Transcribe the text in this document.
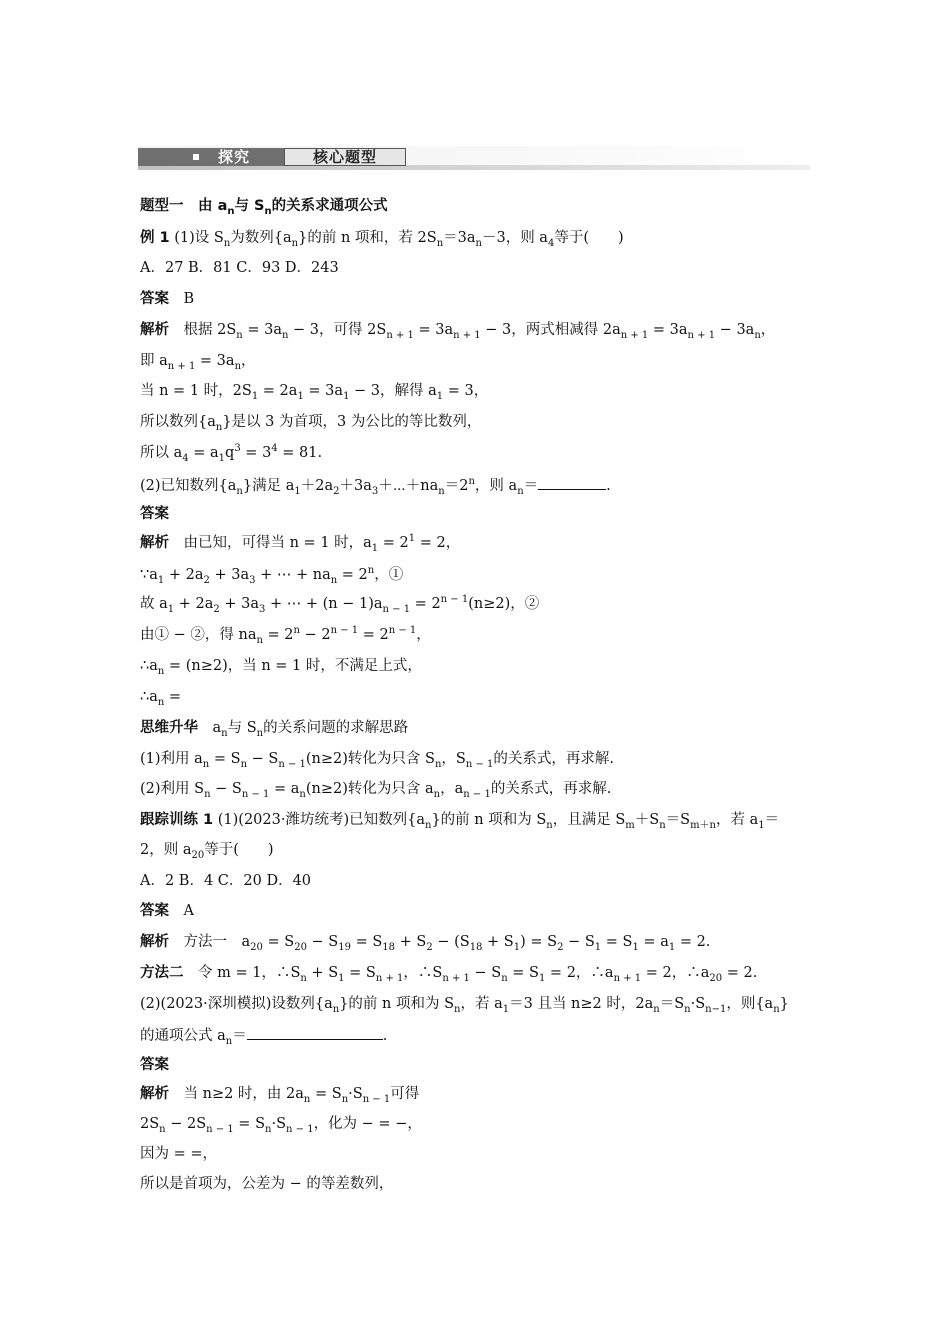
探究	核心题型
题型一　由 $a_n$与 $S_n$的关系求通项公式
例 1 (1)设 $S_n$为数列$\{a_n\}$的前 n 项和，若 $2S_n=3a_n-3$，则 $a_4$等于(　　)
A．27 B．81 C．93 D．243
答案　B
解析　根据 $2S_n = 3a_n - 3$，可得 $2S_{n + 1} = 3a_{n + 1} - 3$，两式相减得 $2a_{n + 1} = 3a_{n + 1} - 3a_n$，
即 $a_{n + 1} = 3a_n$，
当 n = 1 时，$2S_1 = 2a_1 = 3a_1 - 3$，解得 $a_1 = 3$，
所以数列$\{a_n\}$是以 3 为首项，3 为公比的等比数列，
所以 $a_4 = a_1q^3 = 3^4 = 81$.
(2)已知数列$\{a_n\}$满足 $a_1+2a_2+3a_3+\cdots+na_n=2^n$，则 $a_n=$	.
答案
解析　由已知，可得当 n = 1 时，$a_1 = 2^1 = 2$，
$\because a_1 + 2a_2 + 3a_3$ + ⋯ + $na_n = 2^n$，①
故 $a_1 + 2a_2 + 3a_3$ + ⋯ + $(n - 1)a_{n - 1} = 2^{n - 1}(n\ge 2)$，②
由① − ②，得 $na_n = 2^n - 2^{n - 1} = 2^{n - 1}$，
$\therefore a_n = (n\ge 2)$，当 n = 1 时，不满足上式，
$\therefore a_n$ =
思维升华　$a_n$与 $S_n$的关系问题的求解思路
(1)利用 $a_n = S_n - S_{n - 1}(n\ge 2)$转化为只含 $S_n$，$S_{n - 1}$的关系式，再求解.
(2)利用 $S_n - S_{n - 1} = a_n(n\ge 2)$转化为只含 $a_n$，$a_{n - 1}$的关系式，再求解.
跟踪训练 1 (1)(2023·潍坊统考)已知数列$\{a_n\}$的前 n 项和为 $S_n$，且满足 $S_m+S_n=S_{m+n}$，若 $a_1=$
2，则 $a_{20}$等于(　　)
A．2 B．4 C．20 D．40
答案　A
解析　方法一　$a_{20} = S_{20} - S_{19} = S_{18} + S_2 - (S_{18} + S_1) = S_2 - S_1 = S_1 = a_1 = 2$.
方法二　令 m = 1，$\therefore S_n + S_1 = S_{n + 1}$，$\therefore S_{n + 1} - S_n = S_1 = 2$，$\therefore a_{n + 1} = 2$，$\therefore a_{20} = 2$.
(2)(2023·深圳模拟)设数列$\{a_n\}$的前 n 项和为 $S_n$，若 $a_1=3$ 且当 n≥2 时，$2a_n=S_n\cdot S_{n-1}$，则$\{a_n\}$
的通项公式 $a_n=$	.
答案
解析　当 n≥2 时，由 $2a_n = S_n\cdot S_{n - 1}$可得
$2S_n - 2S_{n - 1} = S_n\cdot S_{n - 1}$，化为 − = −，
因为 = =，
所以是首项为，公差为 − 的等差数列，
